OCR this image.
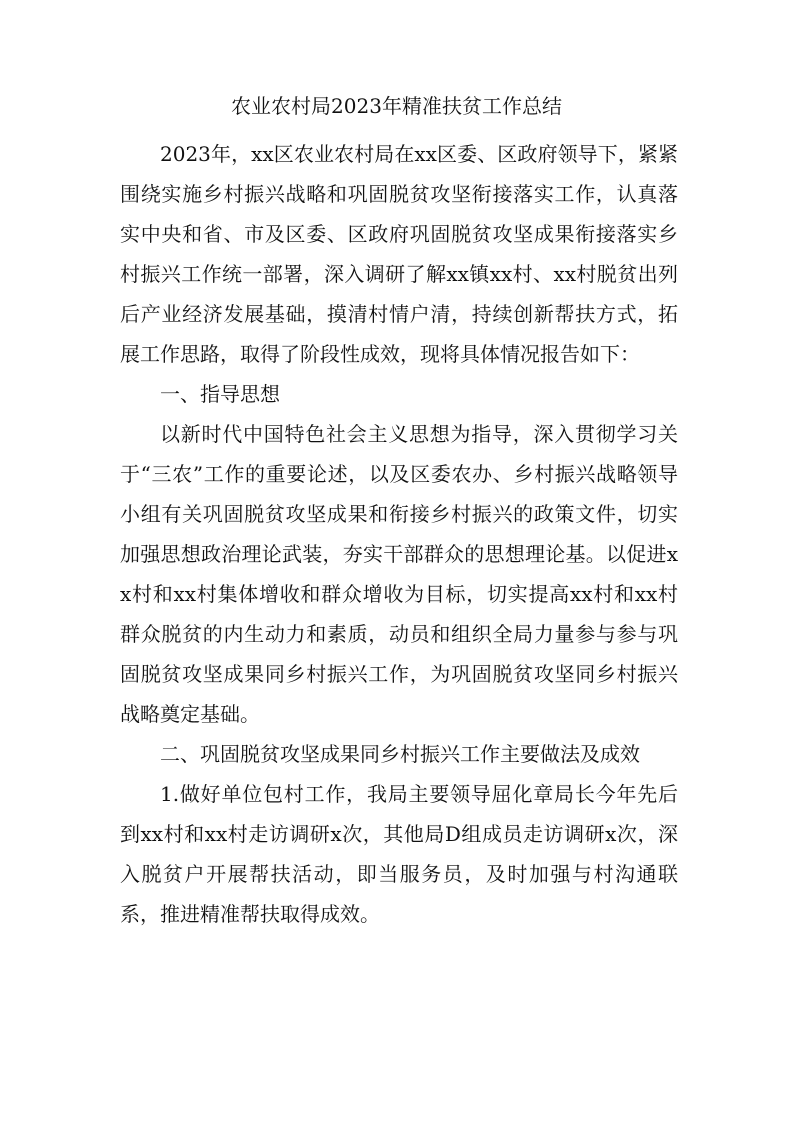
农业农村局2023年精准扶贫工作总结

2023年，xx区农业农村局在xx区委、区政府领导下，紧紧围绕实施乡村振兴战略和巩固脱贫攻坚衔接落实工作，认真落实中央和省、市及区委、区政府巩固脱贫攻坚成果衔接落实乡村振兴工作统一部署，深入调研了解xx镇xx村、xx村脱贫出列后产业经济发展基础，摸清村情户清，持续创新帮扶方式，拓展工作思路，取得了阶段性成效，现将具体情况报告如下：

一、指导思想

以新时代中国特色社会主义思想为指导，深入贯彻学习关于“三农”工作的重要论述，以及区委农办、乡村振兴战略领导小组有关巩固脱贫攻坚成果和衔接乡村振兴的政策文件，切实加强思想政治理论武装，夯实干部群众的思想理论基。以促进xx村和xx村集体增收和群众增收为目标，切实提高xx村和xx村群众脱贫的内生动力和素质，动员和组织全局力量参与参与巩固脱贫攻坚成果同乡村振兴工作，为巩固脱贫攻坚同乡村振兴战略奠定基础。

二、巩固脱贫攻坚成果同乡村振兴工作主要做法及成效

1.做好单位包村工作，我局主要领导屈化章局长今年先后到xx村和xx村走访调研x次，其他局D组成员走访调研x次，深入脱贫户开展帮扶活动，即当服务员，及时加强与村沟通联系，推进精准帮扶取得成效。
